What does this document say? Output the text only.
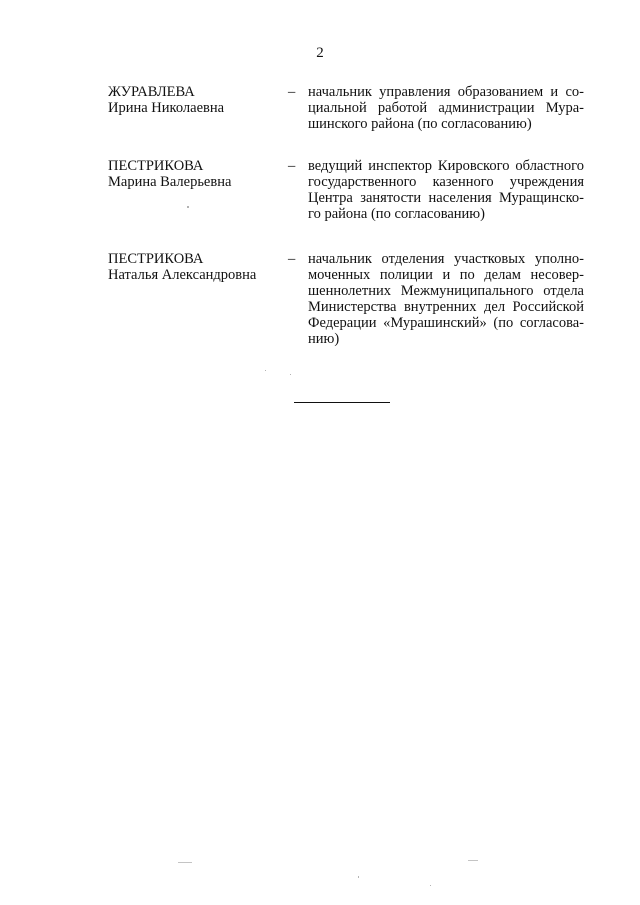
2
ЖУРАВЛЕВА
Ирина Николаевна
– начальник управления образованием и со-
циальной работой администрации Мура-
шинского района (по согласованию)
ПЕСТРИКОВА
Марина Валерьевна
– ведущий инспектор Кировского областного
государственного казенного учреждения
Центра занятости населения Муращинско-
го района (по согласованию)
ПЕСТРИКОВА
Наталья Александровна
– начальник отделения участковых уполно-
моченных полиции и по делам несовер-
шеннолетних Межмуниципального отдела
Министерства внутренних дел Российской
Федерации «Мурашинский» (по согласова-
нию)
